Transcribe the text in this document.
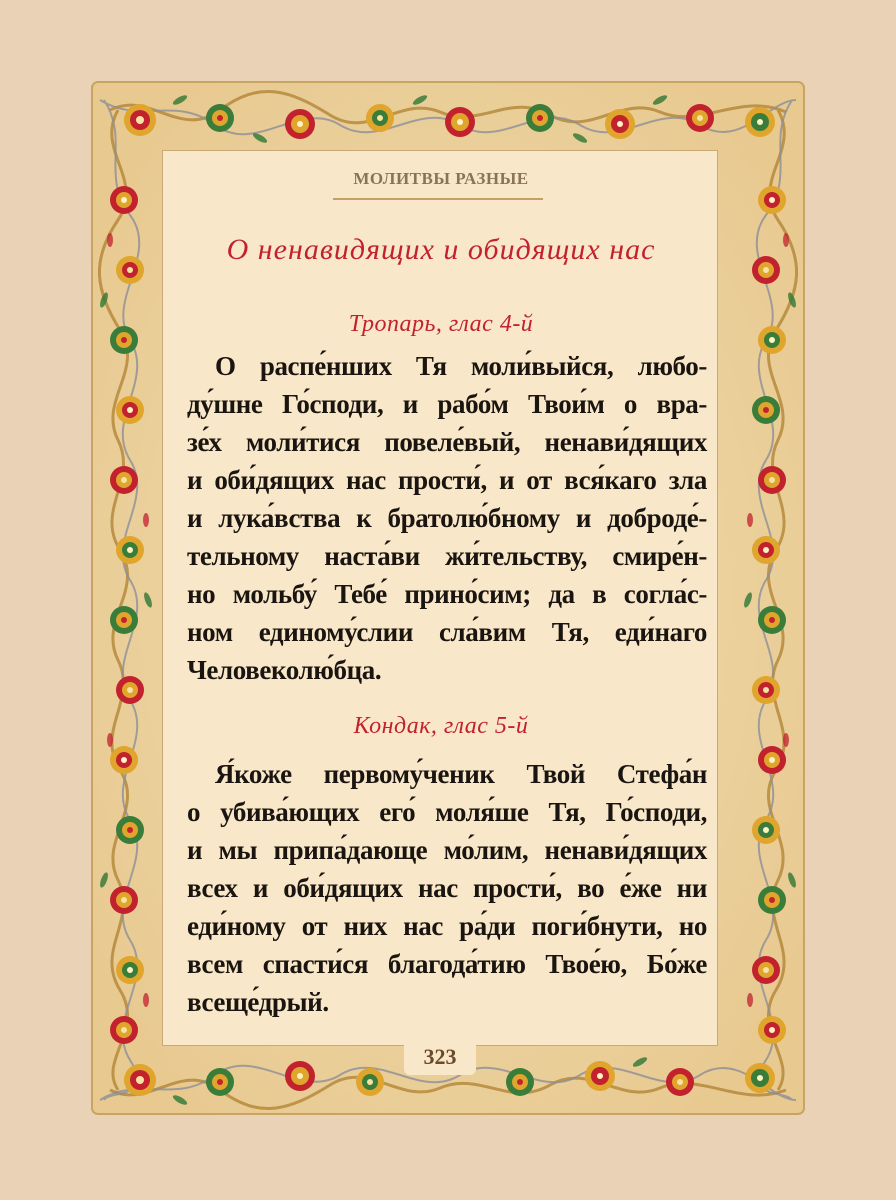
МОЛИТВЫ РАЗНЫЕ
О ненавидящих и обидящих нас
Тропарь, глас 4-й
О распе́нших Тя моли́выйся, любо-
ду́шне Го́споди, и рабо́м Твои́м о вра-
зе́х моли́тися повеле́вый, ненави́дящих
и оби́дящих нас прости́, и от вся́каго зла
и лука́вства к братолю́бному и доброде́-
тельному наста́ви жи́тельству, смире́н-
но мольбу́ Тебе́ прино́сим; да в согла́с-
ном единому́слии сла́вим Тя, еди́наго
Человеколю́бца.
Кондак, глас 5-й
Я́коже первому́ченик Твой Стефа́н
о убива́ющих его́ моля́ше Тя, Го́споди,
и мы припа́дающе мо́лим, ненави́дящих
всех и оби́дящих нас прости́, во е́же ни
еди́ному от них нас ра́ди поги́бнути, но
всем спасти́ся благода́тию Твое́ю, Бо́же
всеще́дрый.
323
